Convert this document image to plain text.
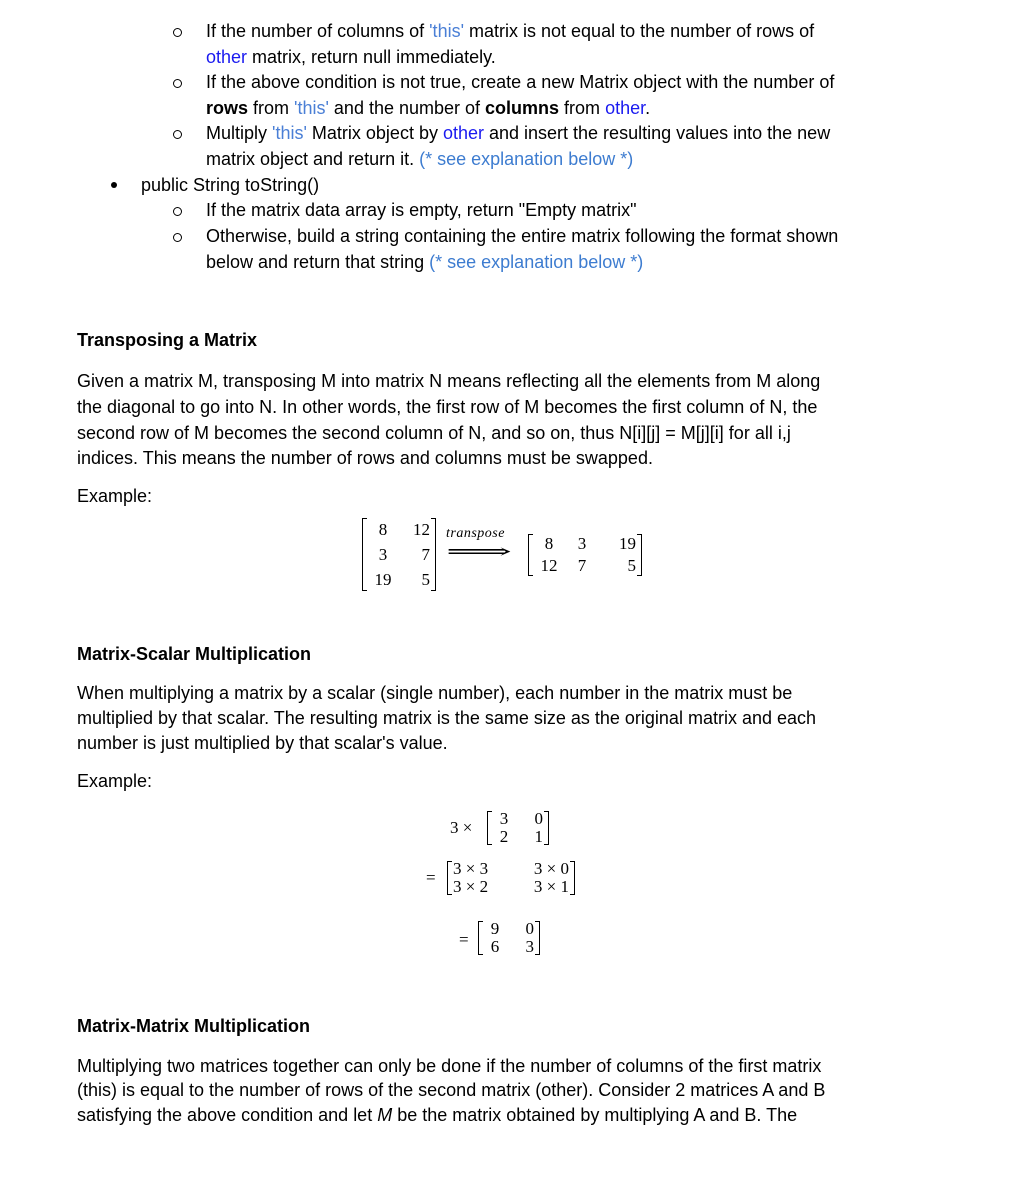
If the number of columns of 'this' matrix is not equal to the number of rows of
other matrix, return null immediately.
If the above condition is not true, create a new Matrix object with the number of
rows from 'this' and the number of columns from other.
Multiply 'this' Matrix object by other and insert the resulting values into the new
matrix object and return it. (* see explanation below *)
public String toString()
If the matrix data array is empty, return "Empty matrix"
Otherwise, build a string containing the entire matrix following the format shown
below and return that string (* see explanation below *)
Transposing a Matrix
Given a matrix M, transposing M into matrix N means reflecting all the elements from M along
the diagonal to go into N. In other words, the first row of M becomes the first column of N, the
second row of M becomes the second column of N, and so on, thus N[i][j] = M[j][i] for all i,j
indices. This means the number of rows and columns must be swapped.
Example:
8	12
3	7
19	5
transpose
⟹	8	3	19
12	7	5
Matrix-Scalar Multiplication
When multiplying a matrix by a scalar (single number), each number in the matrix must be
multiplied by that scalar. The resulting matrix is the same size as the original matrix and each
number is just multiplied by that scalar's value.
Example:
3 ×	3	0
2	1
= 3 × 3	3 × 0
3 × 2	3 × 1
=
9	0
6	3
Matrix-Matrix Multiplication
Multiplying two matrices together can only be done if the number of columns of the first matrix
(this) is equal to the number of rows of the second matrix (other). Consider 2 matrices A and B
satisfying the above condition and let M be the matrix obtained by multiplying A and B. The
